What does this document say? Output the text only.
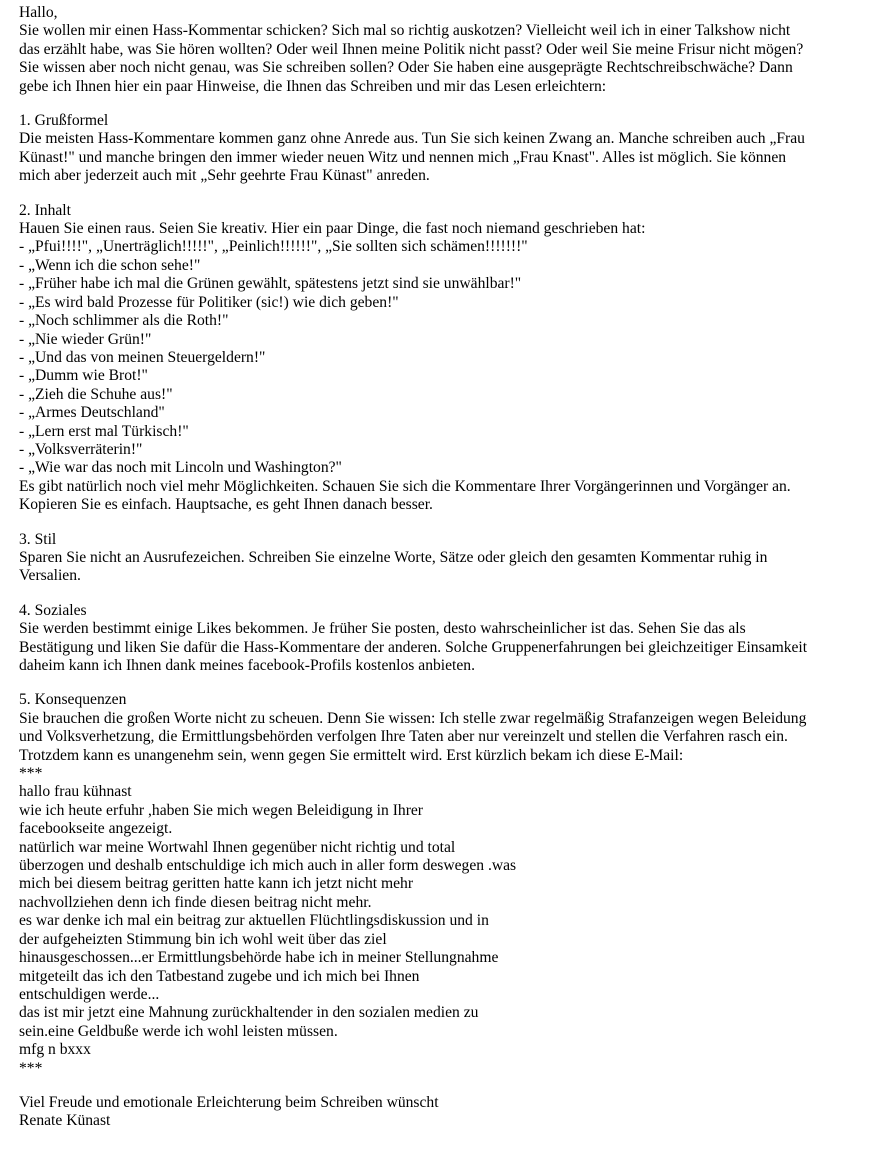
Hallo,
Sie wollen mir einen Hass-Kommentar schicken? Sich mal so richtig auskotzen? Vielleicht weil ich in einer Talkshow nicht
das erzählt habe, was Sie hören wollten? Oder weil Ihnen meine Politik nicht passt? Oder weil Sie meine Frisur nicht mögen?
Sie wissen aber noch nicht genau, was Sie schreiben sollen? Oder Sie haben eine ausgeprägte Rechtschreibschwäche? Dann
gebe ich Ihnen hier ein paar Hinweise, die Ihnen das Schreiben und mir das Lesen erleichtern:
1. Grußformel
Die meisten Hass-Kommentare kommen ganz ohne Anrede aus. Tun Sie sich keinen Zwang an. Manche schreiben auch „Frau
Künast!" und manche bringen den immer wieder neuen Witz und nennen mich „Frau Knast". Alles ist möglich. Sie können
mich aber jederzeit auch mit „Sehr geehrte Frau Künast" anreden.
2. Inhalt
Hauen Sie einen raus. Seien Sie kreativ. Hier ein paar Dinge, die fast noch niemand geschrieben hat:
- „Pfui!!!!", „Unerträglich!!!!!", „Peinlich!!!!!!", „Sie sollten sich schämen!!!!!!!"
- „Wenn ich die schon sehe!"
- „Früher habe ich mal die Grünen gewählt, spätestens jetzt sind sie unwählbar!"
- „Es wird bald Prozesse für Politiker (sic!) wie dich geben!"
- „Noch schlimmer als die Roth!"
- „Nie wieder Grün!"
- „Und das von meinen Steuergeldern!"
- „Dumm wie Brot!"
- „Zieh die Schuhe aus!"
- „Armes Deutschland"
- „Lern erst mal Türkisch!"
- „Volksverräterin!"
- „Wie war das noch mit Lincoln und Washington?"
Es gibt natürlich noch viel mehr Möglichkeiten. Schauen Sie sich die Kommentare Ihrer Vorgängerinnen und Vorgänger an.
Kopieren Sie es einfach. Hauptsache, es geht Ihnen danach besser.
3. Stil
Sparen Sie nicht an Ausrufezeichen. Schreiben Sie einzelne Worte, Sätze oder gleich den gesamten Kommentar ruhig in
Versalien.
4. Soziales
Sie werden bestimmt einige Likes bekommen. Je früher Sie posten, desto wahrscheinlicher ist das. Sehen Sie das als
Bestätigung und liken Sie dafür die Hass-Kommentare der anderen. Solche Gruppenerfahrungen bei gleichzeitiger Einsamkeit
daheim kann ich Ihnen dank meines facebook-Profils kostenlos anbieten.
5. Konsequenzen
Sie brauchen die großen Worte nicht zu scheuen. Denn Sie wissen: Ich stelle zwar regelmäßig Strafanzeigen wegen Beleidung
und Volksverhetzung, die Ermittlungsbehörden verfolgen Ihre Taten aber nur vereinzelt und stellen die Verfahren rasch ein.
Trotzdem kann es unangenehm sein, wenn gegen Sie ermittelt wird. Erst kürzlich bekam ich diese E-Mail:
***
hallo frau kühnast
wie ich heute erfuhr ,haben Sie mich wegen Beleidigung in Ihrer
facebookseite angezeigt.
natürlich war meine Wortwahl Ihnen gegenüber nicht richtig und total
überzogen und deshalb entschuldige ich mich auch in aller form deswegen .was
mich bei diesem beitrag geritten hatte kann ich jetzt nicht mehr
nachvollziehen denn ich finde diesen beitrag nicht mehr.
es war denke ich mal ein beitrag zur aktuellen Flüchtlingsdiskussion und in
der aufgeheizten Stimmung bin ich wohl weit über das ziel
hinausgeschossen...er Ermittlungsbehörde habe ich in meiner Stellungnahme
mitgeteilt das ich den Tatbestand zugebe und ich mich bei Ihnen
entschuldigen werde...
das ist mir jetzt eine Mahnung zurückhaltender in den sozialen medien zu
sein.eine Geldbuße werde ich wohl leisten müssen.
mfg n bxxx
***
Viel Freude und emotionale Erleichterung beim Schreiben wünscht
Renate Künast
